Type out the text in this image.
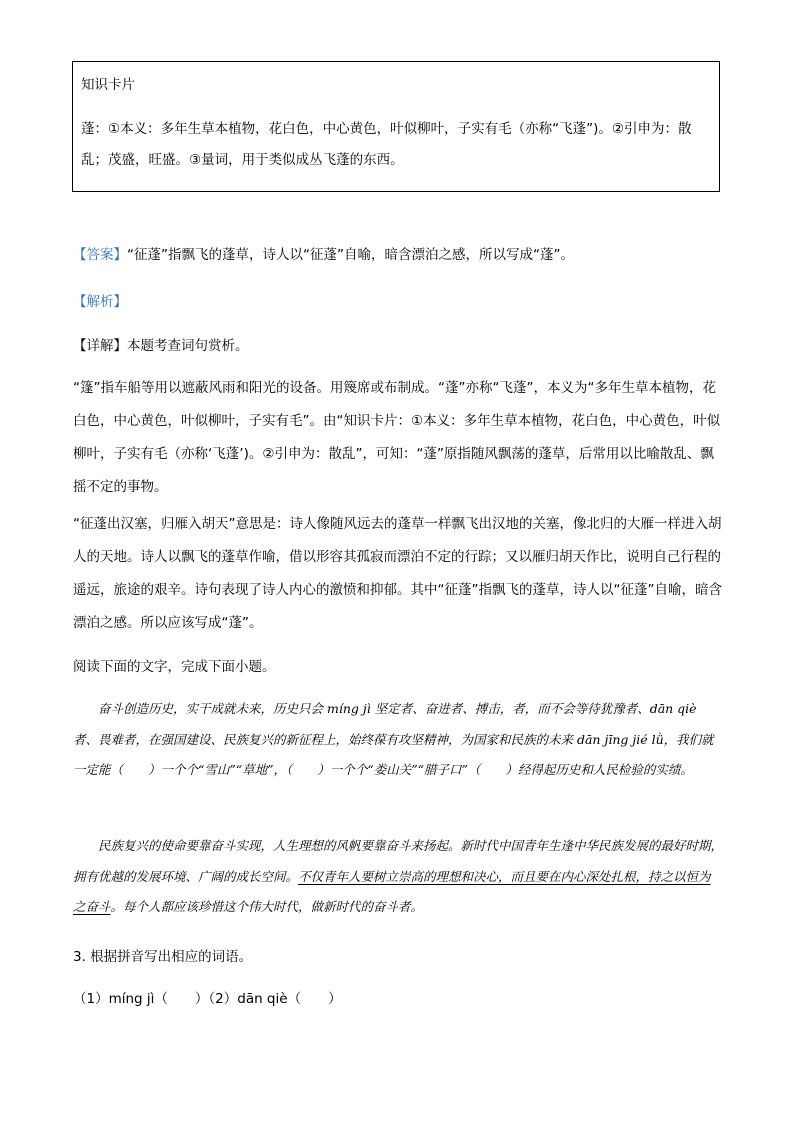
知识卡片
蓬：①本义：多年生草本植物，花白色，中心黄色，叶似柳叶，子实有毛（亦称“飞蓬”)。②引申为：散乱；茂盛，旺盛。③量词，用于类似成丛飞蓬的东西。
【答案】“征蓬”指飘飞的蓬草，诗人以“征蓬”自喻，暗含漂泊之感，所以写成“蓬”。
【解析】
【详解】本题考查词句赏析。
“篷”指车船等用以遮蔽风雨和阳光的设备。用篾席或布制成。“蓬”亦称“飞蓬”，本义为“多年生草本植物，花白色，中心黄色，叶似柳叶，子实有毛”。由“知识卡片：①本义：多年生草本植物，花白色，中心黄色，叶似柳叶，子实有毛（亦称‘飞蓬’)。②引申为：散乱”，可知：“蓬”原指随风飘荡的蓬草，后常用以比喻散乱、飘摇不定的事物。
“征蓬出汉塞，归雁入胡天”意思是：诗人像随风远去的蓬草一样飘飞出汉地的关塞，像北归的大雁一样进入胡人的天地。诗人以飘飞的蓬草作喻，借以形容其孤寂而漂泊不定的行踪；又以雁归胡天作比，说明自己行程的遥远，旅途的艰辛。诗句表现了诗人内心的激愤和抑郁。其中“征蓬”指飘飞的蓬草，诗人以“征蓬”自喻，暗含漂泊之感。所以应该写成“蓬”。
阅读下面的文字，完成下面小题。
奋斗创造历史，实干成就未来，历史只会 míng jì 坚定者、奋进者、搏击，者，而不会等待犹豫者、dān qiè 者、畏难者，在强国建设、民族复兴的新征程上，始终葆有攻坚精神，为国家和民族的未来 dān jīng jié lǜ，我们就一定能（　　）一个个“雪山”“草地”，（　　）一个个“娄山关”“腊子口”（　　）经得起历史和人民检验的实绩。
民族复兴的使命要靠奋斗实现，人生理想的风帆要靠奋斗来扬起。新时代中国青年生逢中华民族发展的最好时期，拥有优越的发展环境、广阔的成长空间。不仅青年人要树立崇高的理想和决心，而且要在内心深处扎根，持之以恒为之奋斗。每个人都应该珍惜这个伟大时代，做新时代的奋斗者。
3. 根据拼音写出相应的词语。
（1）míng jì（　　）（2）dān qiè（　　）
